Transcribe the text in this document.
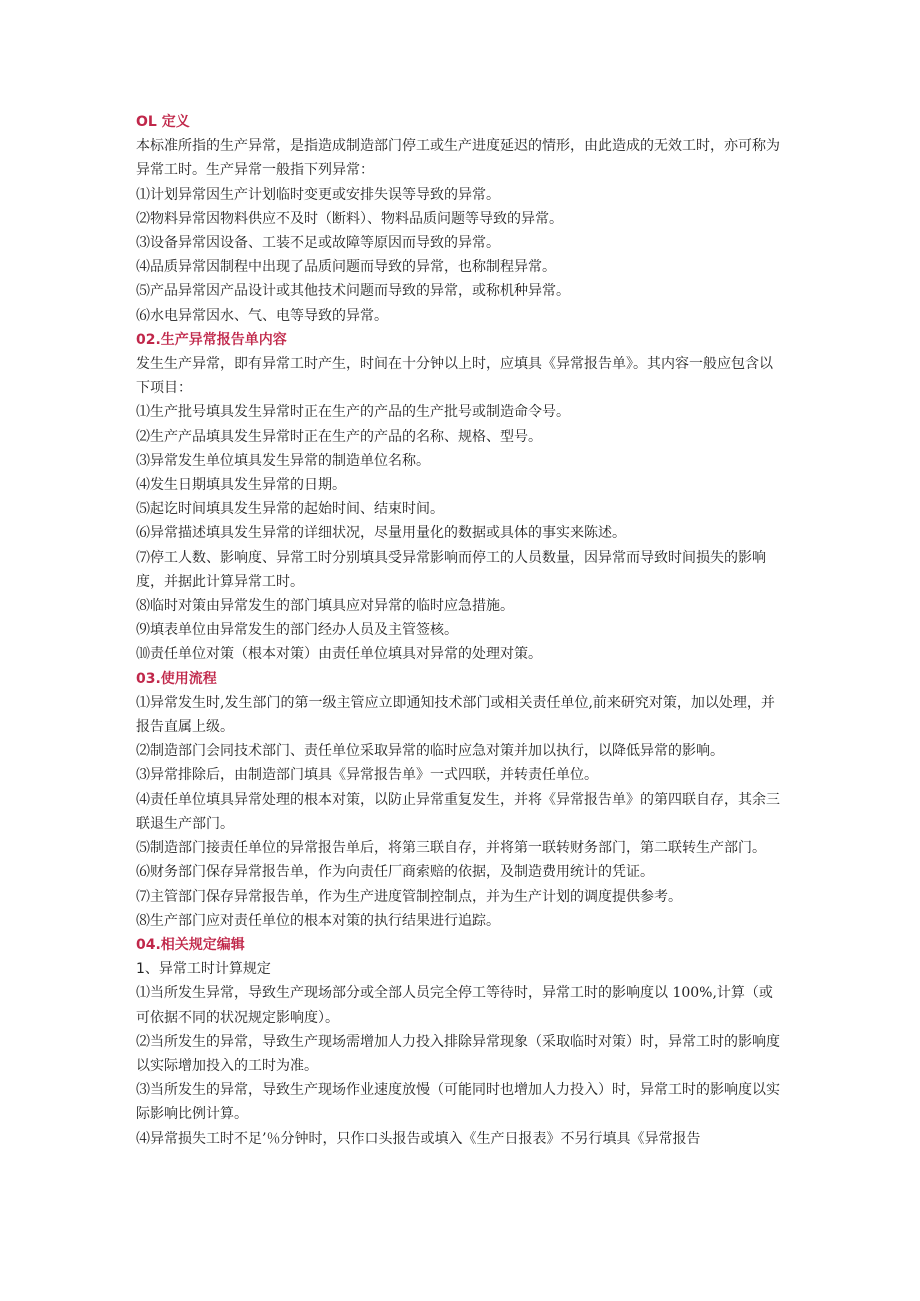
OL 定义

本标准所指的生产异常，是指造成制造部门停工或生产进度延迟的情形，由此造成的无效工时，亦可称为异常工时。生产异常一般指下列异常：

⑴计划异常因生产计划临时变更或安排失误等导致的异常。

⑵物料异常因物料供应不及时（断料）、物料品质问题等导致的异常。

⑶设备异常因设备、工装不足或故障等原因而导致的异常。

⑷品质异常因制程中出现了品质问题而导致的异常，也称制程异常。

⑸产品异常因产品设计或其他技术问题而导致的异常，或称机种异常。

⑹水电异常因水、气、电等导致的异常。

02.生产异常报告单内容

发生生产异常，即有异常工时产生，时间在十分钟以上时，应填具《异常报告单》。其内容一般应包含以下项目：

⑴生产批号填具发生异常时正在生产的产品的生产批号或制造命令号。

⑵生产产品填具发生异常时正在生产的产品的名称、规格、型号。

⑶异常发生单位填具发生异常的制造单位名称。

⑷发生日期填具发生异常的日期。

⑸起讫时间填具发生异常的起始时间、结束时间。

⑹异常描述填具发生异常的详细状况，尽量用量化的数据或具体的事实来陈述。

⑺停工人数、影响度、异常工时分别填具受异常影响而停工的人员数量，因异常而导致时间损失的影响度，并据此计算异常工时。

⑻临时对策由异常发生的部门填具应对异常的临时应急措施。

⑼填表单位由异常发生的部门经办人员及主管签核。

⑽责任单位对策（根本对策）由责任单位填具对异常的处理对策。

03.使用流程

⑴异常发生时,发生部门的第一级主管应立即通知技术部门或相关责任单位,前来研究对策，加以处理，并报告直属上级。

⑵制造部门会同技术部门、责任单位采取异常的临时应急对策并加以执行，以降低异常的影响。

⑶异常排除后，由制造部门填具《异常报告单》一式四联，并转责任单位。

⑷责任单位填具异常处理的根本对策，以防止异常重复发生，并将《异常报告单》的第四联自存，其余三联退生产部门。

⑸制造部门接责任单位的异常报告单后，将第三联自存，并将第一联转财务部门，第二联转生产部门。

⑹财务部门保存异常报告单，作为向责任厂商索赔的依据，及制造费用统计的凭证。

⑺主管部门保存异常报告单，作为生产进度管制控制点，并为生产计划的调度提供参考。

⑻生产部门应对责任单位的根本对策的执行结果进行追踪。

04.相关规定编辑

1、异常工时计算规定

⑴当所发生异常，导致生产现场部分或全部人员完全停工等待时，异常工时的影响度以 100%,计算（或可依据不同的状况规定影响度）。

⑵当所发生的异常，导致生产现场需增加人力投入排除异常现象（采取临时对策）时，异常工时的影响度以实际增加投入的工时为准。

⑶当所发生的异常，导致生产现场作业速度放慢（可能同时也增加人力投入）时，异常工时的影响度以实际影响比例计算。

⑷异常损失工时不足’％分钟时，只作口头报告或填入《生产日报表》不另行填具《异常报告
